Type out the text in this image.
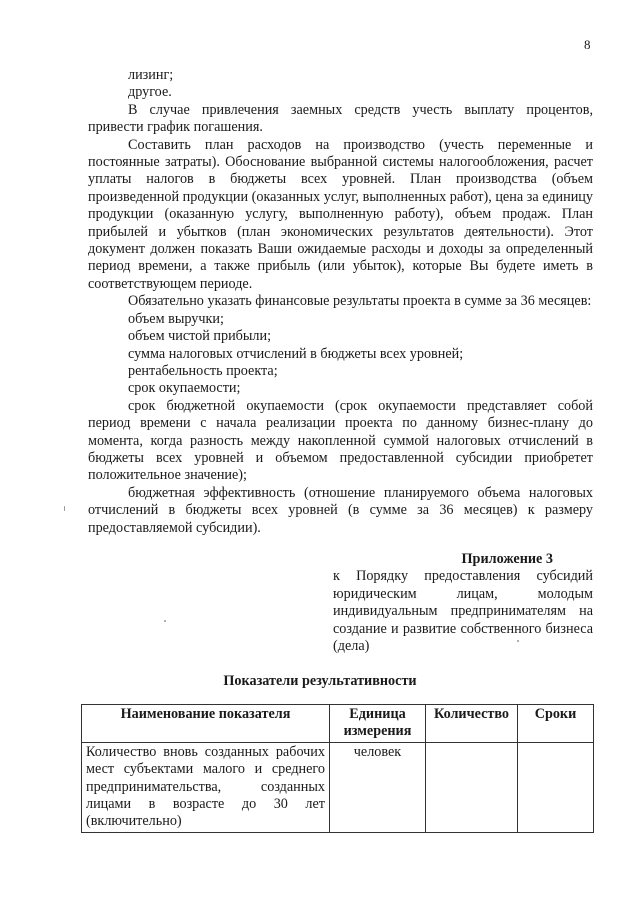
8
лизинг;
другое.
В случае привлечения заемных средств учесть выплату процентов,
привести график погашения.

Составить план расходов на производство (учесть переменные и постоянные затраты). Обоснование выбранной системы налогообложения, расчет уплаты налогов в бюджеты всех уровней. План производства (объем произведенной продукции (оказанных услуг, выполненных работ), цена за единицу продукции (оказанную услугу, выполненную работу), объем продаж. План прибылей и убытков (план экономических результатов деятельности). Этот документ должен показать Ваши ожидаемые расходы и доходы за определенный период времени, а также прибыль (или убыток), которые Вы будете иметь в соответствующем периоде.

Обязательно указать финансовые результаты проекта в сумме за 36 месяцев:

объем выручки;
объем чистой прибыли;
сумма налоговых отчислений в бюджеты всех уровней;
рентабельность проекта;
срок окупаемости;

срок бюджетной окупаемости (срок окупаемости представляет собой период времени с начала реализации проекта по данному бизнес-плану до момента, когда разность между накопленной суммой налоговых отчислений в бюджеты всех уровней и объемом предоставленной субсидии приобретет положительное значение);

бюджетная эффективность (отношение планируемого объема налоговых отчислений в бюджеты всех уровней (в сумме за 36 месяцев) к размеру предоставляемой субсидии).

Приложение 3

к Порядку предоставления субсидий юридическим лицам, молодым индивидуальным предпринимателям на создание и развитие собственного бизнеса (дела)

Показатели результативности
Наименование показателя	Единица измерения	Количество	Сроки
Количество вновь созданных рабочих мест субъектами малого и среднего предпринимательства, созданных лицами в возрасте до 30 лет (включительно)	человек		
